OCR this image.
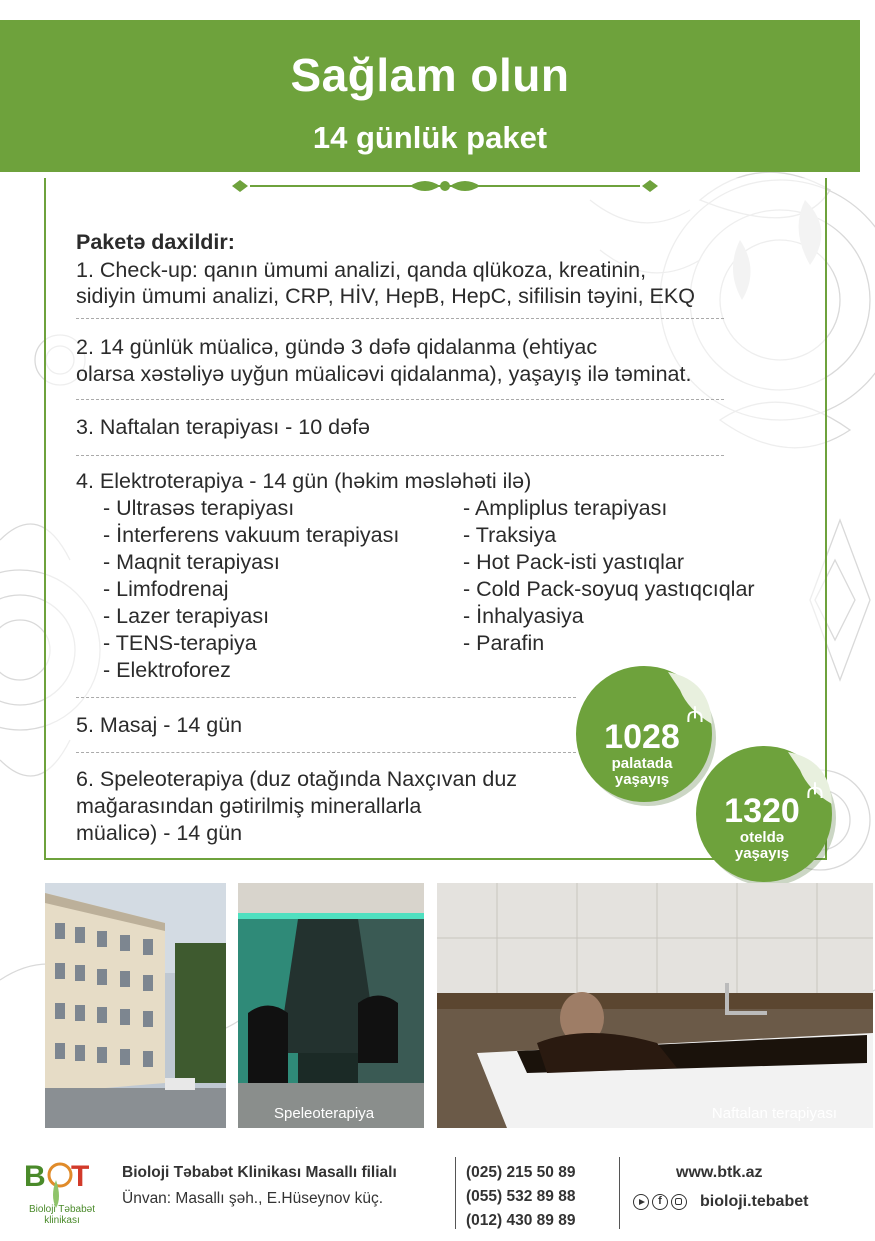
Sağlam olun
14 günlük paket
Paketə daxildir:
1. Check-up: qanın ümumi analizi, qanda qlükoza, kreatinin,
sidiyin ümumi analizi, CRP, HİV, HepB, HepC, sifilisin təyini, EKQ
2. 14 günlük müalicə, gündə 3 dəfə qidalanma (ehtiyac
olarsa xəstəliyə uyğun müalicəvi qidalanma), yaşayış ilə təminat.
3. Naftalan terapiyası - 10 dəfə
4. Elektroterapiya - 14 gün (həkim məsləhəti ilə)
- Ultrasəs terapiyası
- İnterferens vakuum terapiyası
- Maqnit terapiyası
- Limfodrenaj
- Lazer terapiyası
- TENS-terapiya
- Elektroforez
- Ampliplus terapiyası
- Traksiya
- Hot Pack-isti yastıqlar
- Cold Pack-soyuq yastıqcıqlar
- İnhalyasiya
- Parafin
5. Masaj - 14 gün
6. Speleoterapiya (duz otağında Naxçıvan duz
mağarasından gətirilmiş minerallarla
müalicə) - 14 gün
1028
₼
palatada
yaşayış
1320
₼
oteldə
yaşayış
Speleoterapiya	Naftalan terapiyası
B T
Bioloji Təbabət
klinikası
Bioloji Təbabət Klinikası Masallı filialı
Ünvan: Masallı şəh., E.Hüseynov küç.
(025) 215 50 89
(055) 532 89 88
(012) 430 89 89
www.btk.az
f	bioloji.tebabet
